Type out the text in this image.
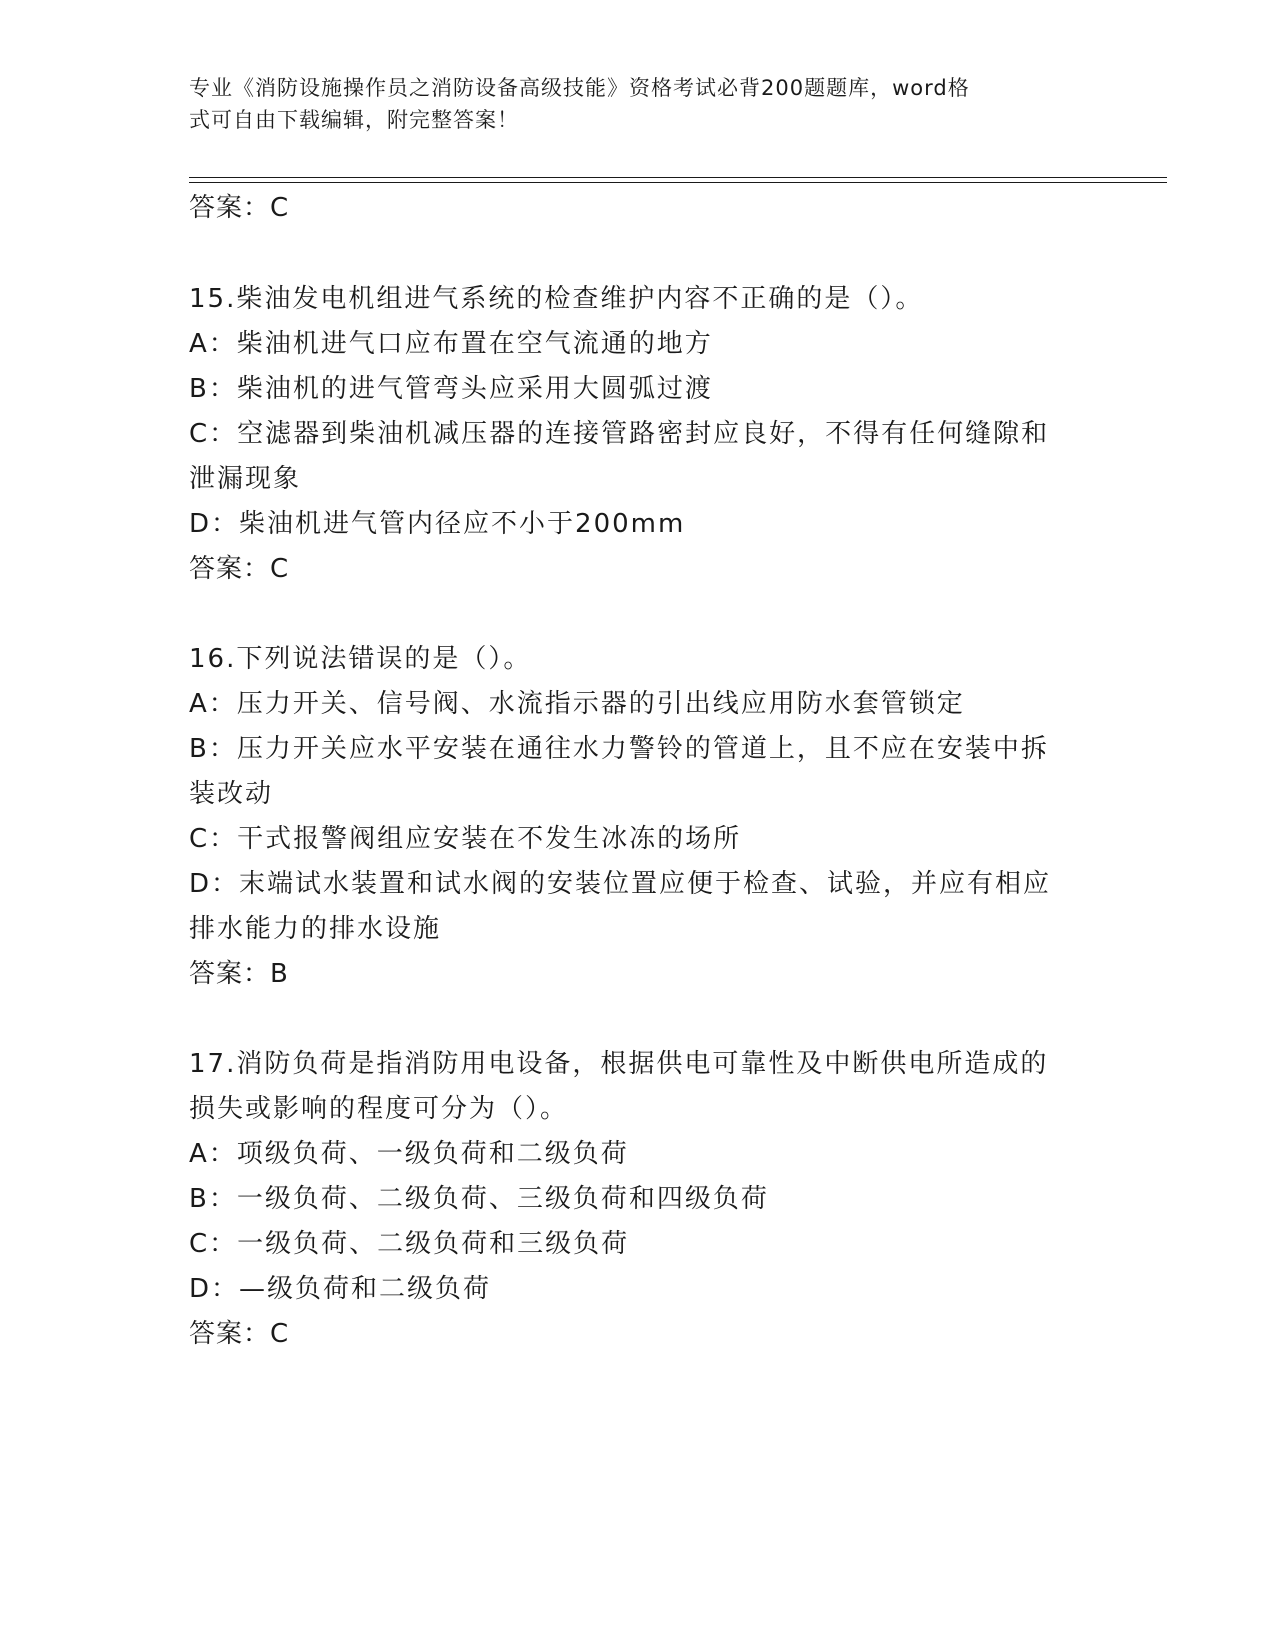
专业《消防设施操作员之消防设备高级技能》资格考试必背200题题库，word格
式可自由下载编辑，附完整答案！
答案：C
15.柴油发电机组进气系统的检查维护内容不正确的是（）。
A：柴油机进气口应布置在空气流通的地方
B：柴油机的进气管弯头应采用大圆弧过渡
C：空滤器到柴油机减压器的连接管路密封应良好，不得有任何缝隙和
泄漏现象
D：柴油机进气管内径应不小于200mm
答案：C
16.下列说法错误的是（）。
A：压力开关、信号阀、水流指示器的引出线应用防水套管锁定
B：压力开关应水平安装在通往水力警铃的管道上，且不应在安装中拆
装改动
C：干式报警阀组应安装在不发生冰冻的场所
D：末端试水装置和试水阀的安装位置应便于检查、试验，并应有相应
排水能力的排水设施
答案：B
17.消防负荷是指消防用电设备，根据供电可靠性及中断供电所造成的
损失或影响的程度可分为（）。
A：项级负荷、一级负荷和二级负荷
B：一级负荷、二级负荷、三级负荷和四级负荷
C：一级负荷、二级负荷和三级负荷
D：—级负荷和二级负荷
答案：C
